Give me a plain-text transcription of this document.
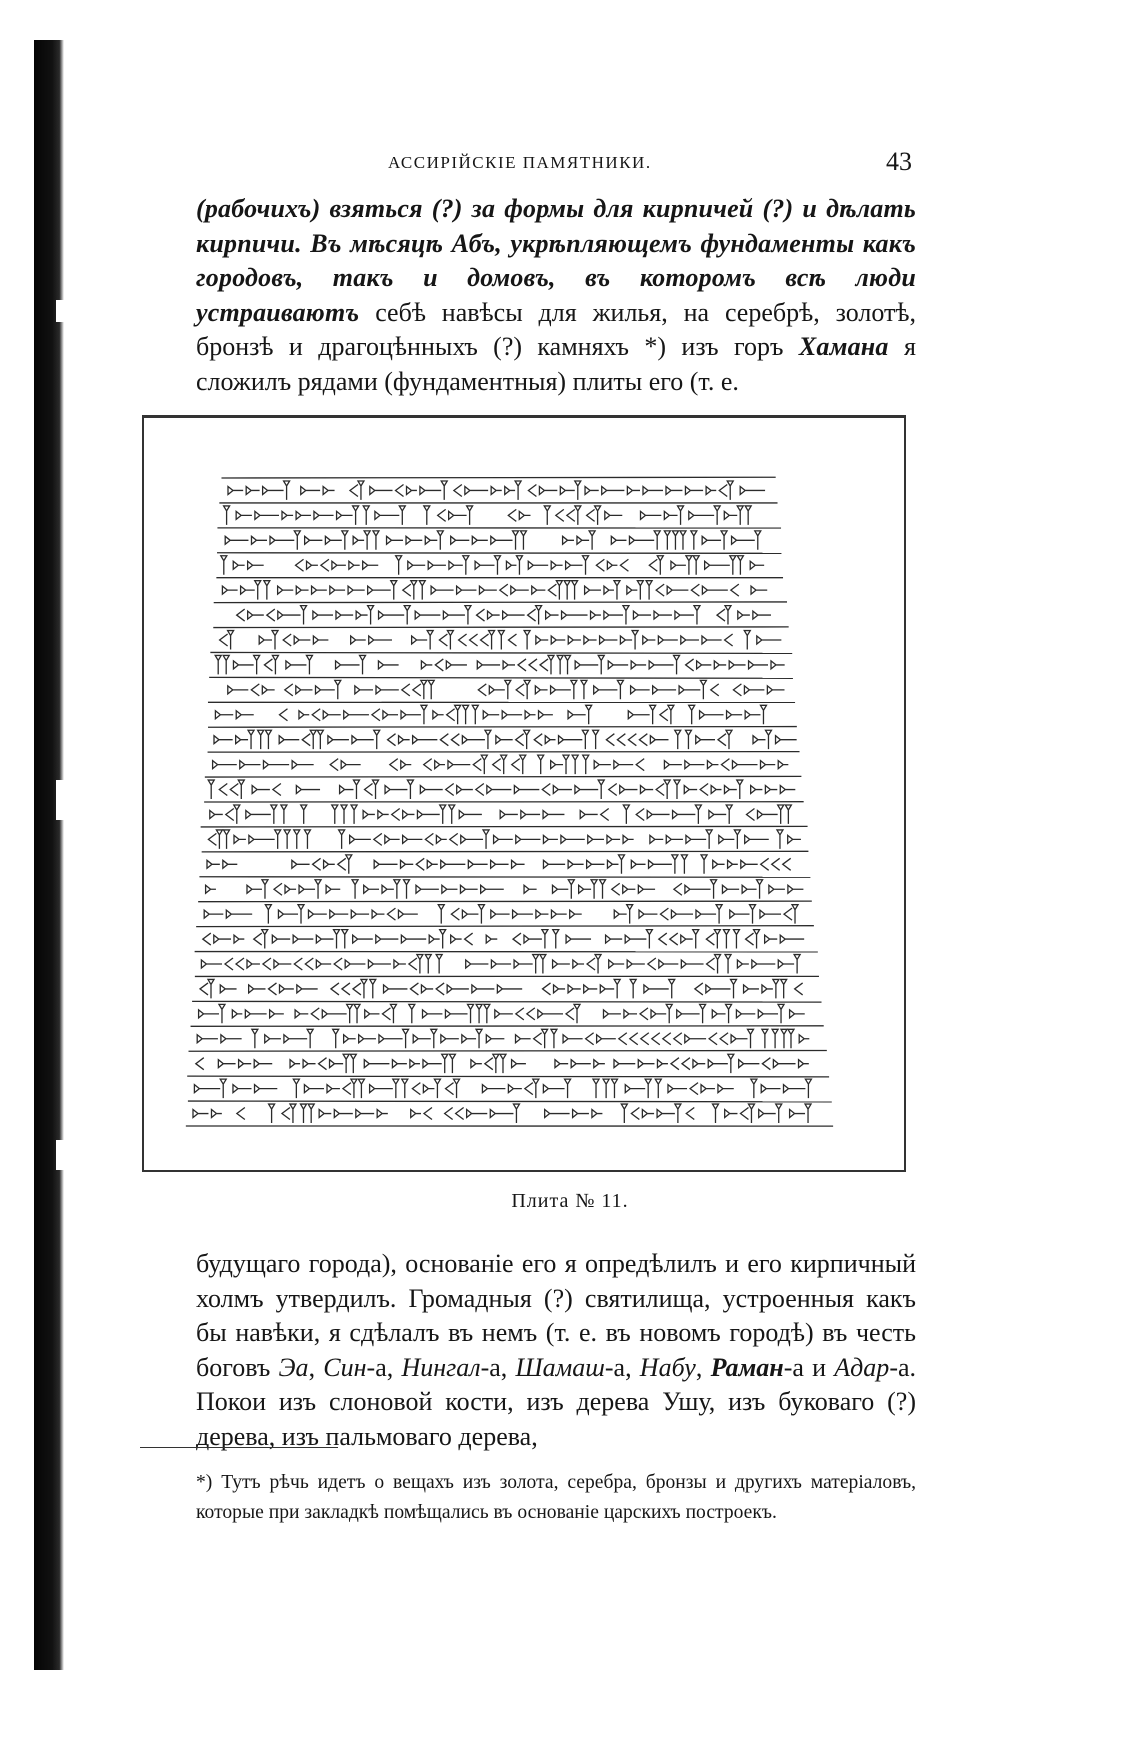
АССИРІЙСКІЕ ПАМЯТНИКИ.	43

(рабочихъ) взяться (?) за формы для кирпичей (?) и дѣлать кирпичи. Въ мѣсяцѣ Абъ, укрѣпляющемъ фундаменты какъ городовъ, такъ и домовъ, въ которомъ всѣ люди устраиваютъ себѣ навѣсы для жилья, на серебрѣ, золотѣ, бронзѣ и драгоцѣнныхъ (?) камняхъ *) изъ горъ Хамана я сложилъ рядами (фундаментныя) плиты его (т. е.

Плита № 11.

будущаго города), основаніе его я опредѣлилъ и его кирпичный холмъ утвердилъ. Громадныя (?) святилища, устроенныя какъ бы навѣки, я сдѣлалъ въ немъ (т. е. въ новомъ городѣ) въ честь боговъ Эа, Син-а, Нингал-а, Шамаш-а, Набу, Раман-а и Адар-а. Покои изъ слоновой кости, изъ дерева Ушу, изъ буковаго (?) дерева, изъ пальмоваго дерева,

*) Тутъ рѣчь идетъ о вещахъ изъ золота, серебра, бронзы и другихъ матеріаловъ, которые при закладкѣ помѣщались въ основаніе царскихъ построекъ.
